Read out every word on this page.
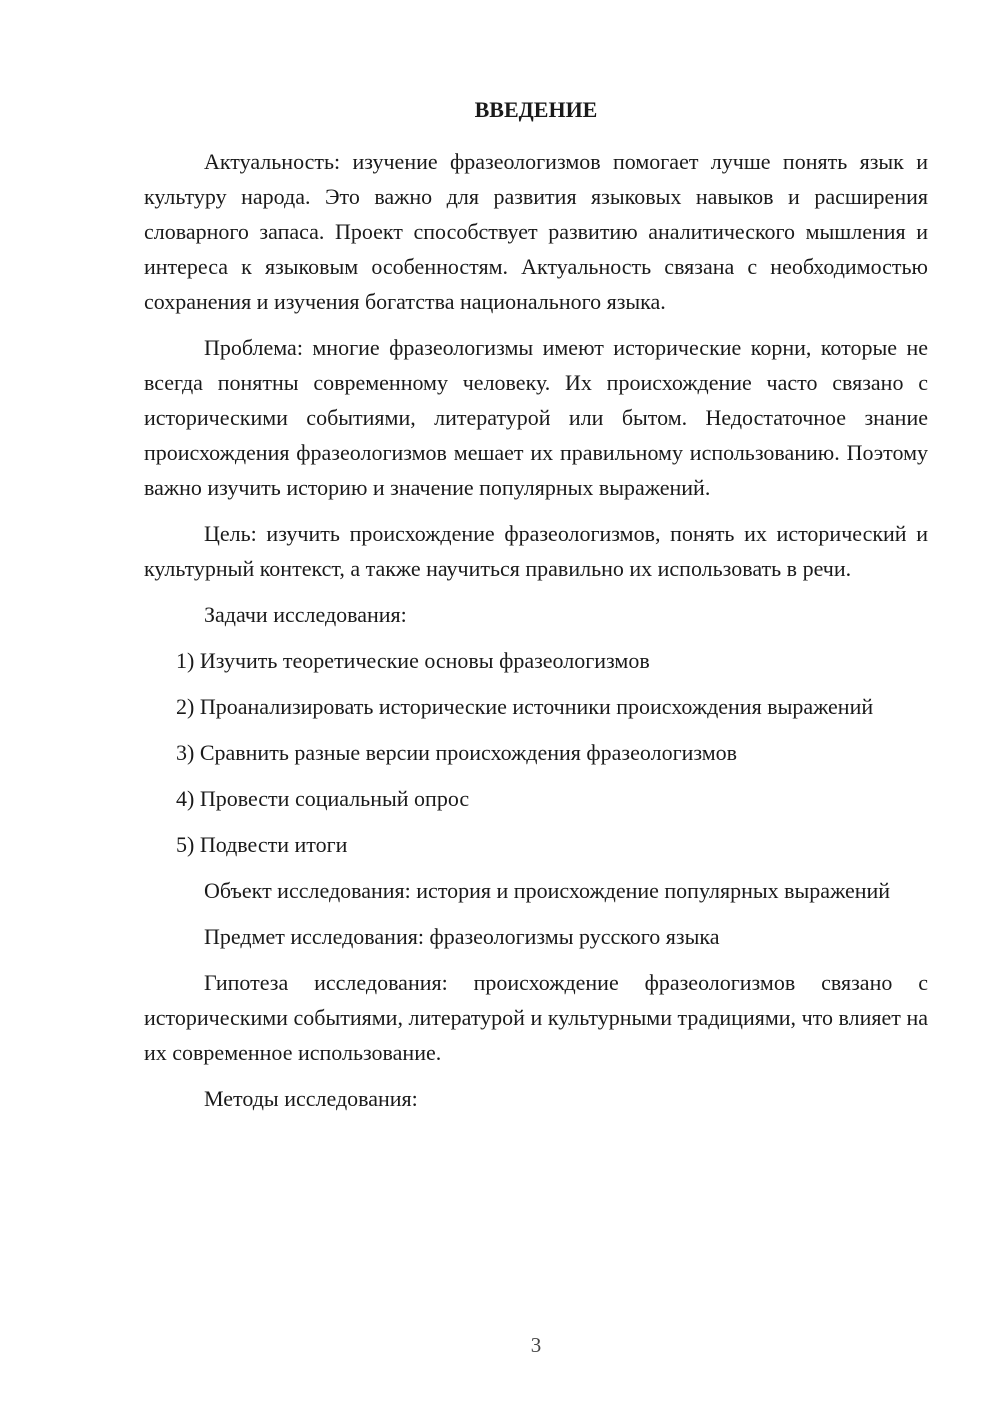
ВВЕДЕНИЕ

Актуальность: изучение фразеологизмов помогает лучше понять язык и культуру народа. Это важно для развития языковых навыков и расширения словарного запаса. Проект способствует развитию аналитического мышления и интереса к языковым особенностям. Актуальность связана с необходимостью сохранения и изучения богатства национального языка.

Проблема: многие фразеологизмы имеют исторические корни, которые не всегда понятны современному человеку. Их происхождение часто связано с историческими событиями, литературой или бытом. Недостаточное знание происхождения фразеологизмов мешает их правильному использованию. Поэтому важно изучить историю и значение популярных выражений.

Цель: изучить происхождение фразеологизмов, понять их исторический и культурный контекст, а также научиться правильно их использовать в речи.

Задачи исследования:

1) Изучить теоретические основы фразеологизмов

2) Проанализировать исторические источники происхождения выражений

3) Сравнить разные версии происхождения фразеологизмов

4) Провести социальный опрос

5) Подвести итоги

Объект исследования: история и происхождение популярных выражений

Предмет исследования: фразеологизмы русского языка

Гипотеза исследования: происхождение фразеологизмов связано с историческими событиями, литературой и культурными традициями, что влияет на их современное использование.

Методы исследования:

3
